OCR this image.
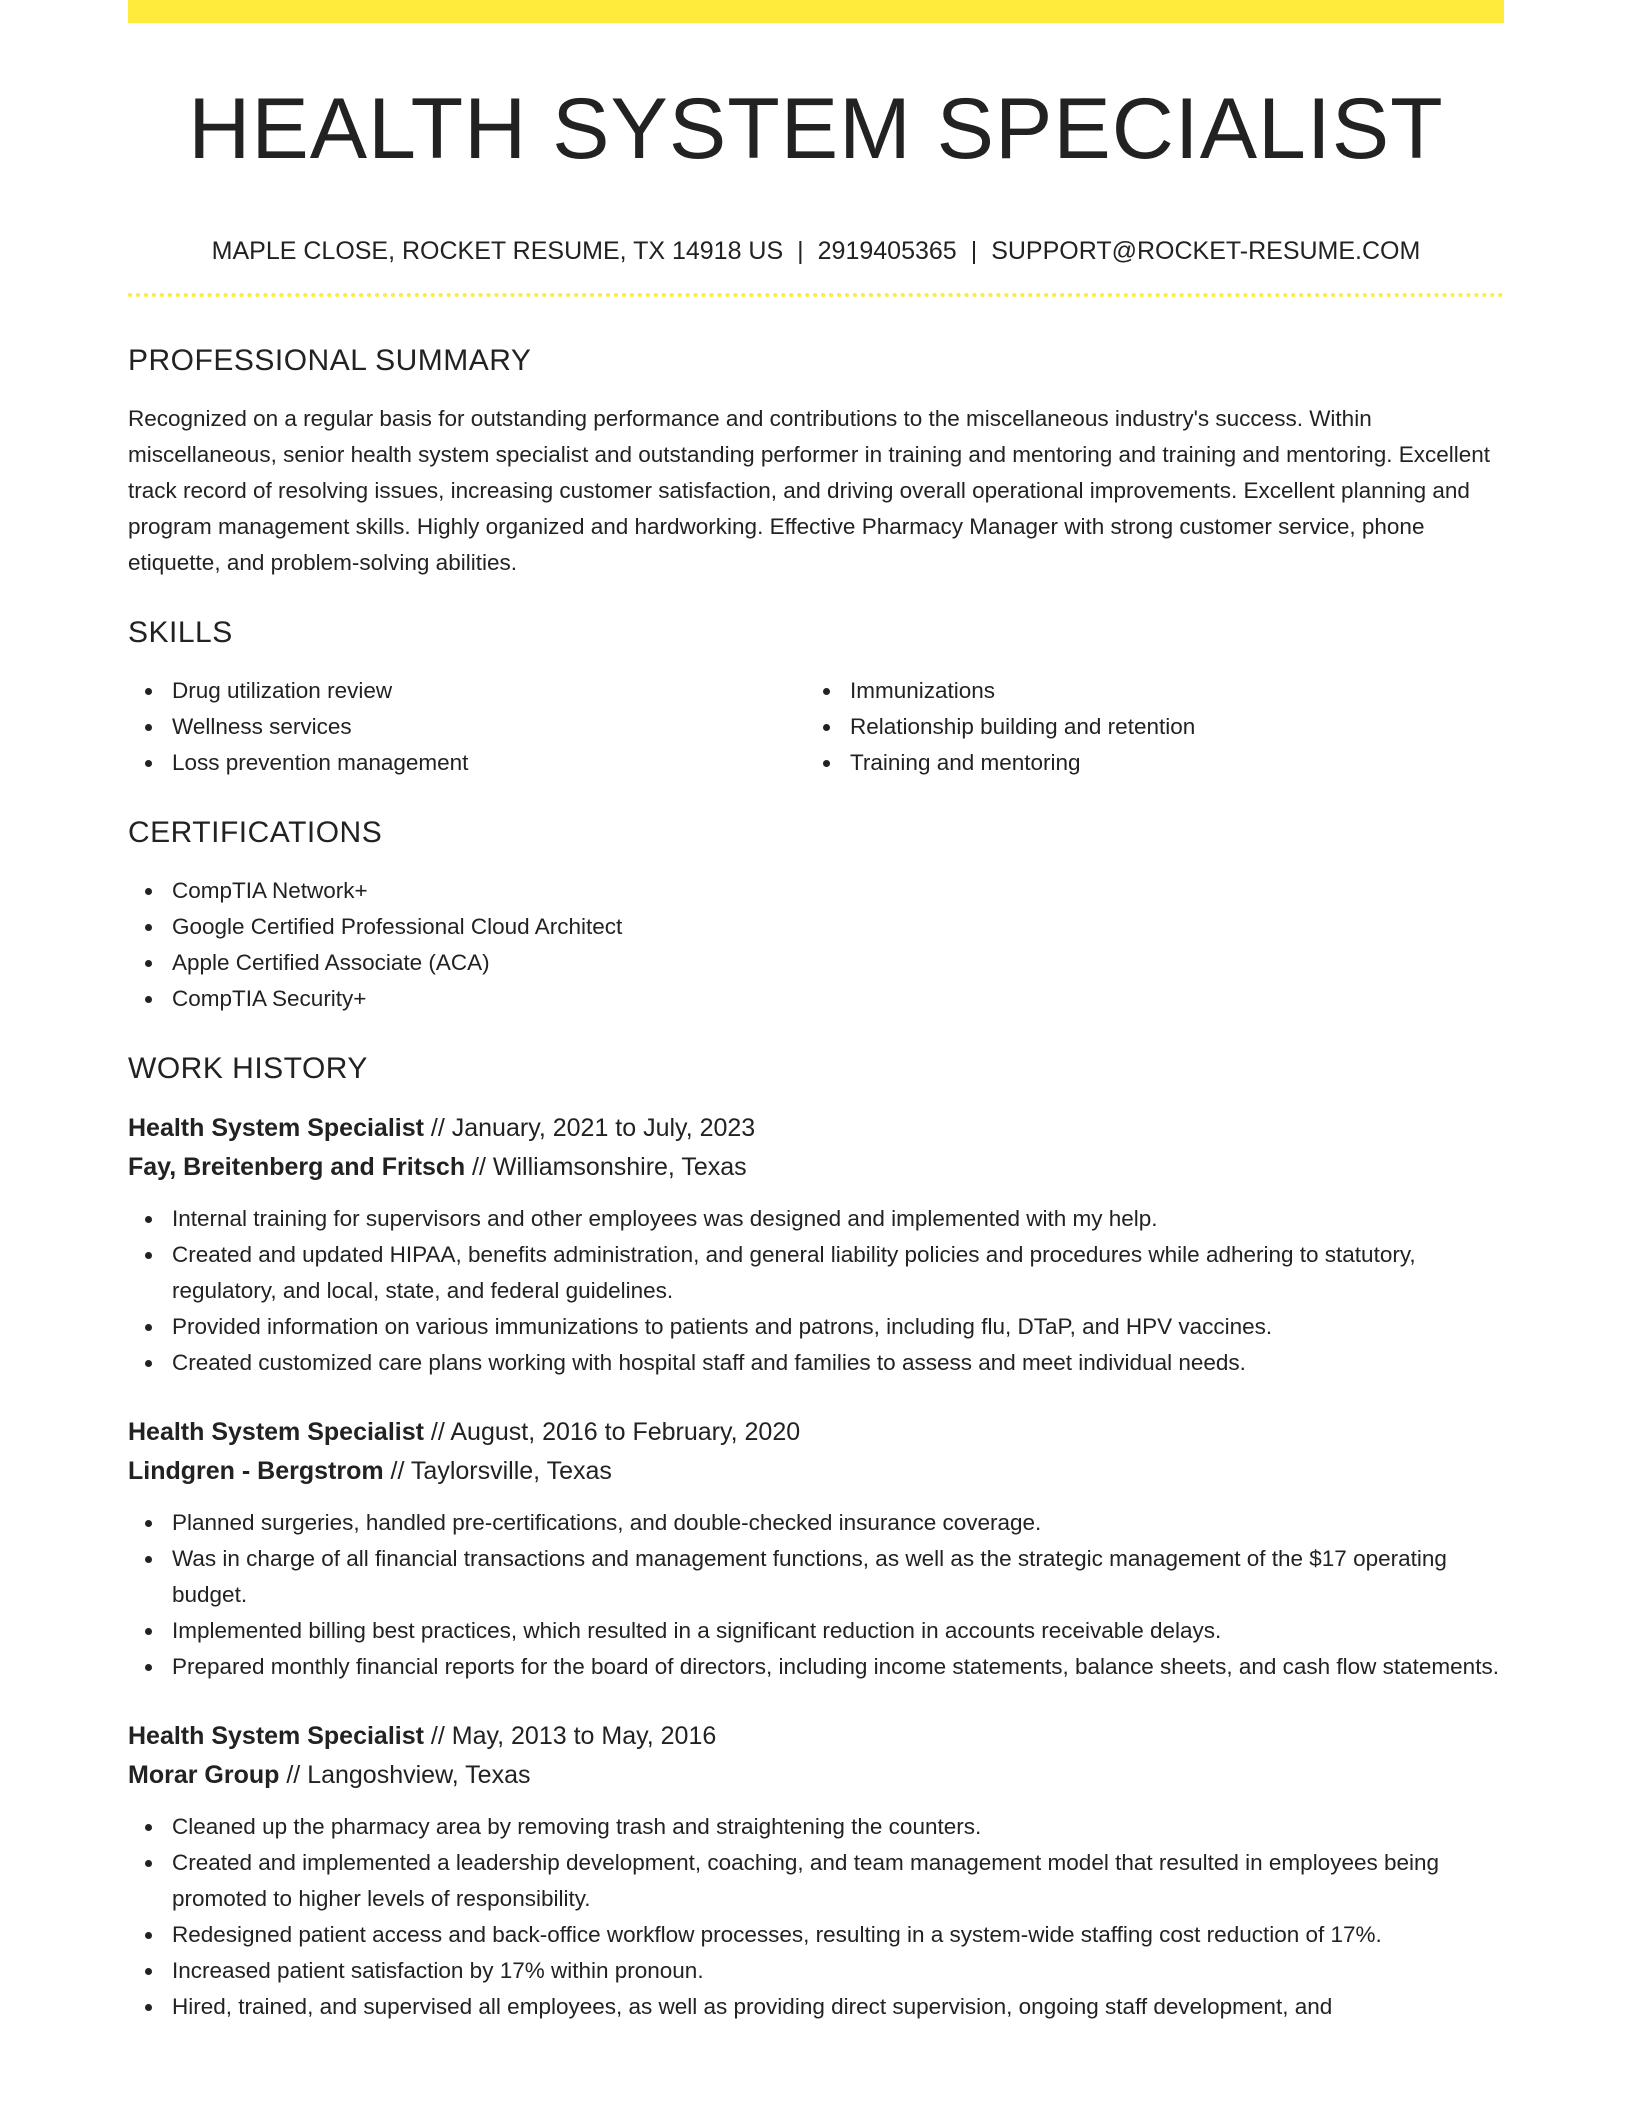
HEALTH SYSTEM SPECIALIST
MAPLE CLOSE, ROCKET RESUME, TX 14918 US | 2919405365 | SUPPORT@ROCKET-RESUME.COM
PROFESSIONAL SUMMARY

Recognized on a regular basis for outstanding performance and contributions to the miscellaneous industry's success. Within miscellaneous, senior health system specialist and outstanding performer in training and mentoring and training and mentoring. Excellent track record of resolving issues, increasing customer satisfaction, and driving overall operational improvements. Excellent planning and program management skills. Highly organized and hardworking. Effective Pharmacy Manager with strong customer service, phone etiquette, and problem-solving abilities.

SKILLS
Drug utilization review
Wellness services
Loss prevention management
Immunizations
Relationship building and retention
Training and mentoring
CERTIFICATIONS
CompTIA Network+
Google Certified Professional Cloud Architect
Apple Certified Associate (ACA)
CompTIA Security+
WORK HISTORY
Health System Specialist // January, 2021 to July, 2023
Fay, Breitenberg and Fritsch // Williamsonshire, Texas
Internal training for supervisors and other employees was designed and implemented with my help.
Created and updated HIPAA, benefits administration, and general liability policies and procedures while adhering to statutory, regulatory, and local, state, and federal guidelines.
Provided information on various immunizations to patients and patrons, including flu, DTaP, and HPV vaccines.
Created customized care plans working with hospital staff and families to assess and meet individual needs.
Health System Specialist // August, 2016 to February, 2020
Lindgren - Bergstrom // Taylorsville, Texas
Planned surgeries, handled pre-certifications, and double-checked insurance coverage.
Was in charge of all financial transactions and management functions, as well as the strategic management of the $17 operating budget.
Implemented billing best practices, which resulted in a significant reduction in accounts receivable delays.
Prepared monthly financial reports for the board of directors, including income statements, balance sheets, and cash flow statements.
Health System Specialist // May, 2013 to May, 2016
Morar Group // Langoshview, Texas
Cleaned up the pharmacy area by removing trash and straightening the counters.
Created and implemented a leadership development, coaching, and team management model that resulted in employees being promoted to higher levels of responsibility.
Redesigned patient access and back-office workflow processes, resulting in a system-wide staffing cost reduction of 17%.
Increased patient satisfaction by 17% within pronoun.
Hired, trained, and supervised all employees, as well as providing direct supervision, ongoing staff development, and
